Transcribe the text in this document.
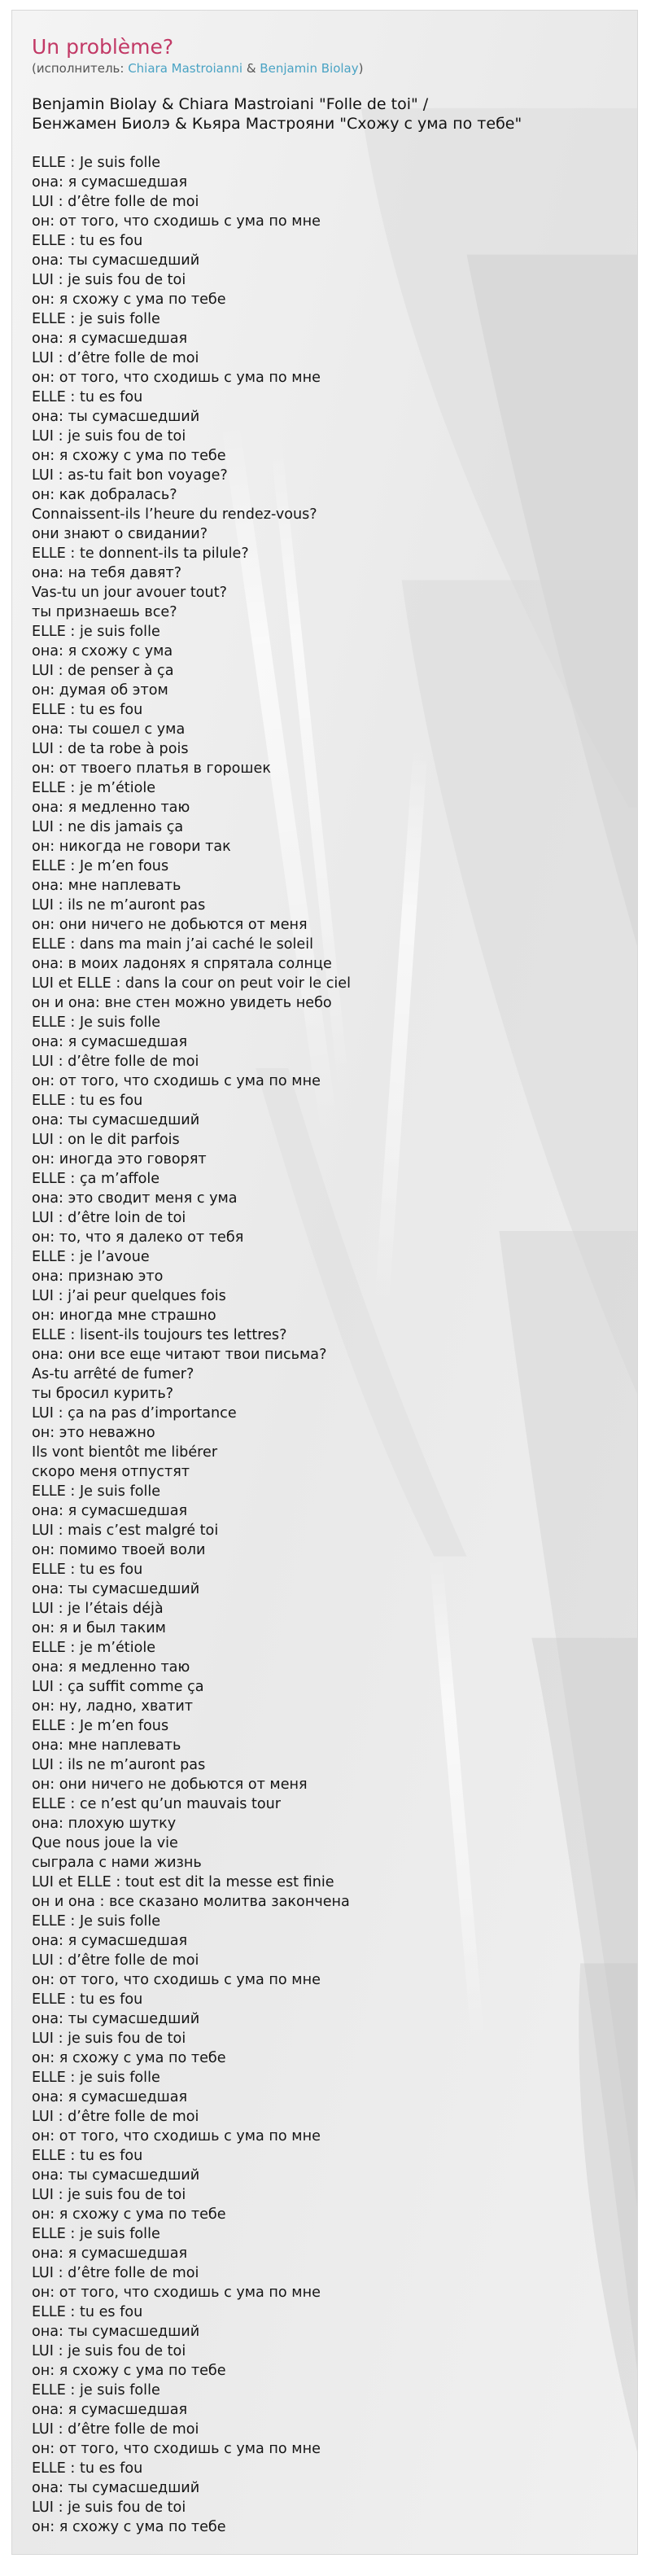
Un problème?
(исполнитель: Chiara Mastroianni & Benjamin Biolay)
Benjamin Biolay & Chiara Mastroiani "Folle de toi" /
Бенжамен Биолэ & Кьяра Мастрояни "Схожу с ума по тебе"
ELLE : Je suis folle
она: я сумасшедшая
LUI : d’être folle de moi
он: от того, что сходишь с ума по мне
ELLE : tu es fou
она: ты сумасшедший
LUI : je suis fou de toi
он: я схожу с ума по тебе
ELLE : je suis folle
она: я сумасшедшая
LUI : d’être folle de moi
он: от того, что сходишь с ума по мне
ELLE : tu es fou
она: ты сумасшедший
LUI : je suis fou de toi
он: я схожу с ума по тебе
LUI : as-tu fait bon voyage?
он: как добралась?
Connaissent-ils l’heure du rendez-vous?
они знают о свидании?
ELLE : te donnent-ils ta pilule?
она: на тебя давят?
Vas-tu un jour avouer tout?
ты признаешь все?
ELLE : je suis folle
она: я схожу с ума
LUI : de penser à ça
он: думая об этом
ELLE : tu es fou
она: ты сошел с ума
LUI : de ta robe à pois
он: от твоего платья в горошек
ELLE : je m’étiole
она: я медленно таю
LUI : ne dis jamais ça
он: никогда не говори так
ELLE : Je m’en fous
она: мне наплевать
LUI : ils ne m’auront pas
он: они ничего не добьются от меня
ELLE : dans ma main j’ai caché le soleil
она: в моих ладонях я спрятала солнце
LUI et ELLE : dans la cour on peut voir le ciel
он и она: вне стен можно увидеть небо
ELLE : Je suis folle
она: я сумасшедшая
LUI : d’être folle de moi
он: от того, что сходишь с ума по мне
ELLE : tu es fou
она: ты сумасшедший
LUI : on le dit parfois
он: иногда это говорят
ELLE : ça m’affole
она: это сводит меня с ума
LUI : d’être loin de toi
он: то, что я далеко от тебя
ELLE : je l’avoue
она: признаю это
LUI : j’ai peur quelques fois
он: иногда мне страшно
ELLE : lisent-ils toujours tes lettres?
она: они все еще читают твои письма?
As-tu arrêté de fumer?
ты бросил курить?
LUI : ça na pas d’importance
он: это неважно
Ils vont bientôt me libérer
скоро меня отпустят
ELLE : Je suis folle
она: я сумасшедшая
LUI : mais c’est malgré toi
он: помимо твоей воли
ELLE : tu es fou
она: ты сумасшедший
LUI : je l’étais déjà
он: я и был таким
ELLE : je m’étiole
она: я медленно таю
LUI : ça suffit comme ça
он: ну, ладно, хватит
ELLE : Je m’en fous
она: мне наплевать
LUI : ils ne m’auront pas
он: они ничего не добьются от меня
ELLE : ce n’est qu’un mauvais tour
она: плохую шутку
Que nous joue la vie
сыграла с нами жизнь
LUI et ELLE : tout est dit la messe est finie
он и она : все сказано молитва закончена
ELLE : Je suis folle
она: я сумасшедшая
LUI : d’être folle de moi
он: от того, что сходишь с ума по мне
ELLE : tu es fou
она: ты сумасшедший
LUI : je suis fou de toi
он: я схожу с ума по тебе
ELLE : je suis folle
она: я сумасшедшая
LUI : d’être folle de moi
он: от того, что сходишь с ума по мне
ELLE : tu es fou
она: ты сумасшедший
LUI : je suis fou de toi
он: я схожу с ума по тебе
ELLE : je suis folle
она: я сумасшедшая
LUI : d’être folle de moi
он: от того, что сходишь с ума по мне
ELLE : tu es fou
она: ты сумасшедший
LUI : je suis fou de toi
он: я схожу с ума по тебе
ELLE : je suis folle
она: я сумасшедшая
LUI : d’être folle de moi
он: от того, что сходишь с ума по мне
ELLE : tu es fou
она: ты сумасшедший
LUI : je suis fou de toi
он: я схожу с ума по тебе
